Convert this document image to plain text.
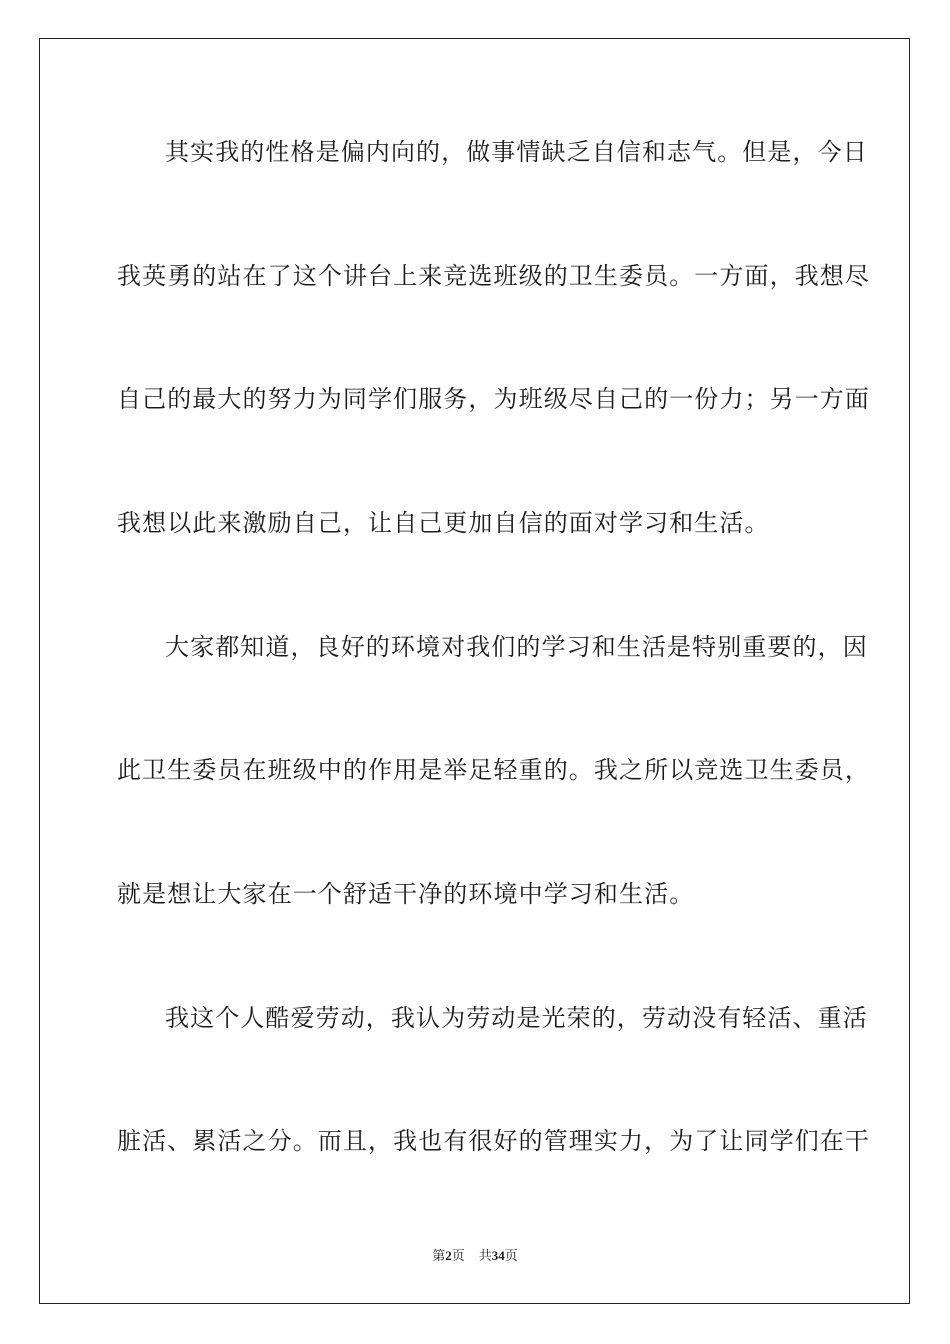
其实我的性格是偏内向的，做事情缺乏自信和志气。但是，今日
我英勇的站在了这个讲台上来竞选班级的卫生委员。一方面，我想尽
自己的最大的努力为同学们服务，为班级尽自己的一份力；另一方面
我想以此来激励自己，让自己更加自信的面对学习和生活。
大家都知道，良好的环境对我们的学习和生活是特别重要的，因
此卫生委员在班级中的作用是举足轻重的。我之所以竞选卫生委员，
就是想让大家在一个舒适干净的环境中学习和生活。
我这个人酷爱劳动，我认为劳动是光荣的，劳动没有轻活、重活
脏活、累活之分。而且，我也有很好的管理实力，为了让同学们在干
第2页 共34页
